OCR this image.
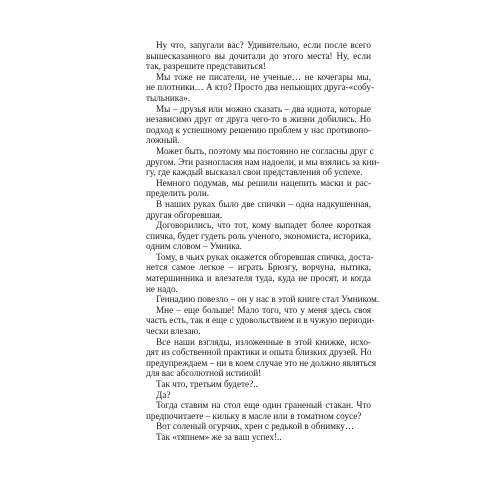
Ну что, запугали вас? Удивительно, если после всего
вышесказанного вы дочитали до этого места! Ну, если
так, разрешите представиться!
Мы тоже не писатели, не ученые… не кочегары мы,
не плотники… А кто? Просто два непьющих друга-«собу-
тыльника».
Мы – друзья или можно сказать – два идиота, которые
независимо друг от друга чего-то в жизни добились. Но
подход к успешному решению проблем у нас противопо-
ложный.
Может быть, поэтому мы постоянно не согласны друг с
другом. Эти разногласия нам надоели, и мы взялись за кни-
гу, где каждый высказал свои представления об успехе.
Немного подумав, мы решили нацепить маски и рас-
пределить роли.
В наших руках было две спички – одна надкушенная,
другая обгоревшая.
Договорились, что тот, кому выпадет более короткая
спичка, будет гудеть роль ученого, экономиста, историка,
одним словом – Умника.
Тому, в чьих руках окажется обгоревшая спичка, доста-
нется самое легкое – играть Брюзгу, ворчуна, нытика,
матершинника и влезателя туда, куда не просят, и когда
не надо.
Геннадию повезло – он у нас в этой книге стал Умником.
Мне – еще больше! Мало того, что у меня здесь своя
часть есть, так я еще с удовольствием и в чужую периоди-
чески влезаю.
Все наши взгляды, изложенные в этой книжке, исхо-
дят из собственной практики и опыта близких друзей. Но
предупреждаем – ни в коем случае это не должно являться
для вас абсолютной истиной!
Так что, третьим будете?..
Да?
Тогда ставим на стол еще один граненый стакан. Что
предпочитаете – кильку в масле или в томатном соусе?
Вот соленый огурчик, хрен с редькой в обнимку…
Так «тяпнем» же за ваш успех!..
